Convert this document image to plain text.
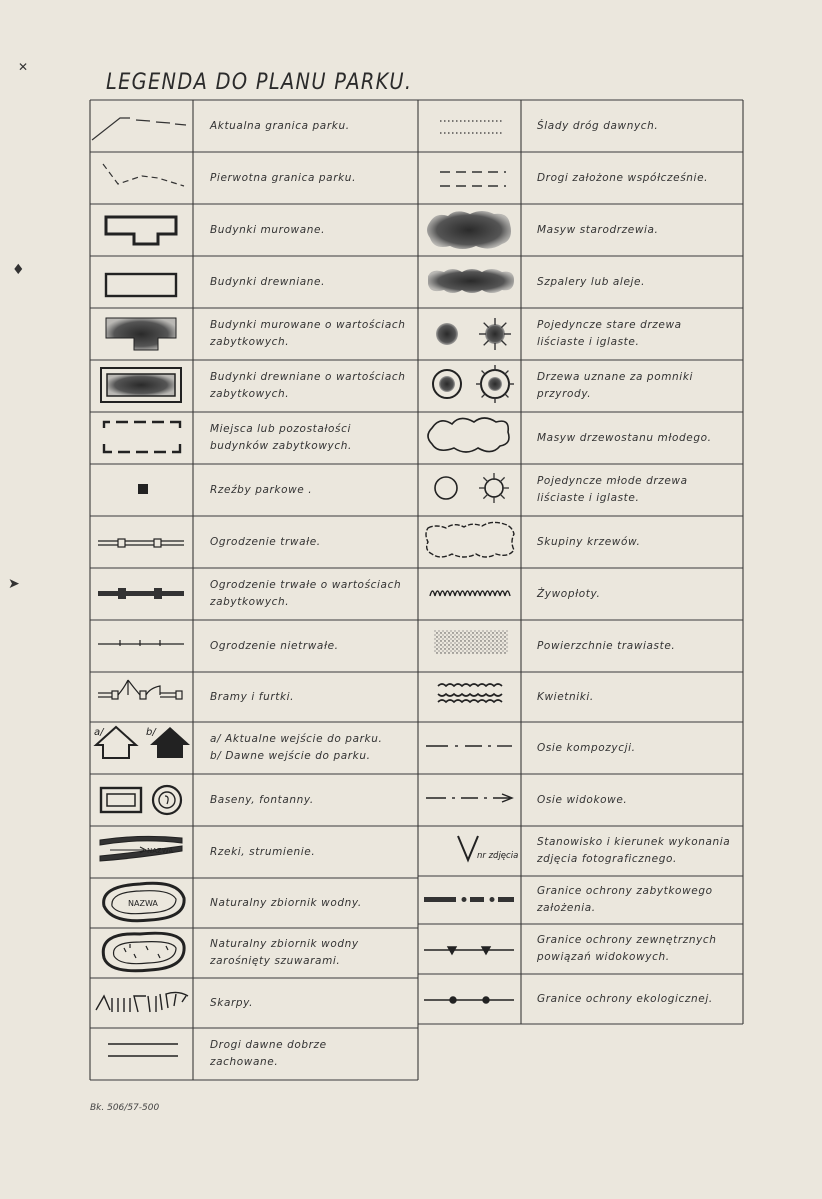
LEGENDA DO PLANU PARKU.
a/	b/
NAZWA
NAZWA
nr zdjęcia
Aktualna granica parku.
Pierwotna granica parku.
Budynki murowane.
Budynki drewniane.
Budynki murowane o wartościach
zabytkowych.
Budynki drewniane o wartościach
zabytkowych.
Miejsca lub pozostałości
budynków zabytkowych.
Rzeźby parkowe .
Ogrodzenie trwałe.
Ogrodzenie trwałe o wartościach
zabytkowych.
Ogrodzenie nietrwałe.
Bramy i furtki.
a/ Aktualne wejście do parku.
b/ Dawne wejście do parku.
Baseny, fontanny.
Rzeki, strumienie.
Naturalny zbiornik wodny.
Naturalny zbiornik wodny
zarośnięty szuwarami.
Skarpy.
Drogi dawne dobrze
zachowane.
Ślady dróg dawnych.
Drogi założone współcześnie.
Masyw starodrzewia.
Szpalery lub aleje.
Pojedyncze stare drzewa
liściaste i iglaste.
Drzewa uznane za pomniki
przyrody.
Masyw drzewostanu młodego.
Pojedyncze młode drzewa
liściaste i iglaste.
Skupiny krzewów.
Żywopłoty.
Powierzchnie trawiaste.
Kwietniki.
Osie kompozycji.
Osie widokowe.
Stanowisko i kierunek wykonania
zdjęcia fotograficznego.
Granice ochrony zabytkowego
założenia.
Granice ochrony zewnętrznych
powiązań widokowych.
Granice ochrony ekologicznej.
Bk. 506/57-500
✕
♦
➤
